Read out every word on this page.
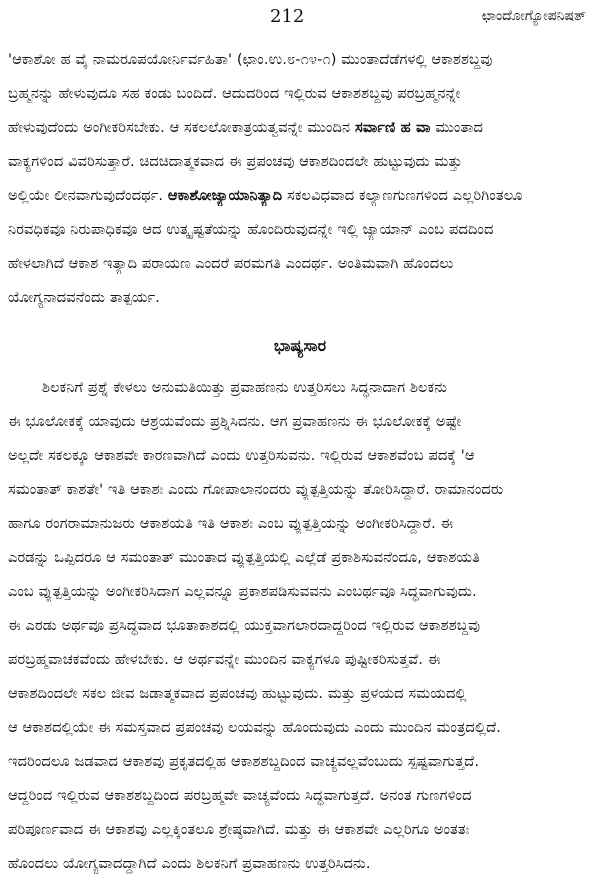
212	ಛಾಂದೋಗ್ಯೋಪನಿಷತ್
'ಆಕಾಶೋ ಹ ವೈ ನಾಮರೂಪಯೋರ್ನಿರ್ವಹಿತಾ' (ಛಾಂ.ಉ.೮-೧೪-೧) ಮುಂತಾದೆಡೆಗಳಲ್ಲಿ ಆಕಾಶಶಬ್ದವು
ಬ್ರಹ್ಮನನ್ನು ಹೇಳುವುದೂ ಸಹ ಕಂಡು ಬಂದಿದೆ. ಆದುದರಿಂದ ಇಲ್ಲಿರುವ ಆಕಾಶಶಬ್ದವು ಪರಬ್ರಹ್ಮನನ್ನೇ
ಹೇಳುವುದೆಂದು ಅಂಗೀಕರಿಸಬೇಕು. ಆ ಸಕಲಲೋಕಾತ್ರಯತ್ವವನ್ನೇ ಮುಂದಿನ ಸರ್ವಾಣಿ ಹ ವಾ ಮುಂತಾದ
ವಾಕ್ಯಗಳಿಂದ ವಿವರಿಸುತ್ತಾರೆ. ಚಿದಚಿದಾತ್ಮಕವಾದ ಈ ಪ್ರಪಂಚವು ಆಕಾಶದಿಂದಲೇ ಹುಟ್ಟುವುದು ಮತ್ತು
ಅಲ್ಲಿಯೇ ಲೀನವಾಗುವುದೆಂದರ್ಥ. ಆಕಾಶೋಜ್ಯಾಯಾನಿತ್ಯಾದಿ ಸಕಲವಿಧವಾದ ಕಲ್ಯಾಣಗುಣಗಳಿಂದ ಎಲ್ಲರಿಗಿಂತಲೂ
ನಿರವಧಿಕವೂ ನಿರುಪಾಧಿಕವೂ ಆದ ಉತ್ಕೃಷ್ಟತೆಯನ್ನು ಹೊಂದಿರುವುದನ್ನೇ ಇಲ್ಲಿ ಜ್ಯಾಯಾನ್ ಎಂಬ ಪದದಿಂದ
ಹೇಳಲಾಗಿದೆ ಆಕಾಶ ಇತ್ಯಾದಿ ಪರಾಯಣ ಎಂದರೆ ಪರಮಗತಿ ಎಂದರ್ಥ. ಅಂತಿಮವಾಗಿ ಹೊಂದಲು
ಯೋಗ್ಯನಾದವನೆಂದು ತಾತ್ಪರ್ಯ.
ಭಾಷ್ಯಸಾರ
ಶಿಲಕನಿಗೆ ಪ್ರಶ್ನೆ ಕೇಳಲು ಅನುಮತಿಯಿತ್ತು ಪ್ರವಾಹಣನು ಉತ್ತರಿಸಲು ಸಿದ್ಧನಾದಾಗ ಶಿಲಕನು
ಈ ಭೂಲೋಕಕ್ಕೆ ಯಾವುದು ಆಶ್ರಯವೆಂದು ಪ್ರಶ್ನಿಸಿದನು. ಆಗ ಪ್ರವಾಹಣನು ಈ ಭೂಲೋಕಕ್ಕೆ ಅಷ್ಟೇ
ಅಲ್ಲದೇ ಸಕಲಕ್ಕೂ ಆಕಾಶವೇ ಕಾರಣವಾಗಿದೆ ಎಂದು ಉತ್ತರಿಸುವನು. ಇಲ್ಲಿರುವ ಆಕಾಶವೆಂಬ ಪದಕ್ಕೆ 'ಆ
ಸಮಂತಾತ್ ಕಾಶತೇ' ಇತಿ ಆಕಾಶಃ ಎಂದು ಗೋಪಾಲಾನಂದರು ವ್ಯುತ್ಪತ್ತಿಯನ್ನು ತೋರಿಸಿದ್ದಾರೆ. ರಾಮಾನಂದರು
ಹಾಗೂ ರಂಗರಾಮಾನುಜರು ಆಕಾಶಯತಿ ಇತಿ ಆಕಾಶಃ ಎಂಬ ವ್ಯುತ್ಪತ್ತಿಯನ್ನು ಅಂಗೀಕರಿಸಿದ್ದಾರೆ. ಈ
ಎರಡನ್ನು ಒಪ್ಪಿದರೂ ಆ ಸಮಂತಾತ್ ಮುಂತಾದ ವ್ಯುತ್ಪತ್ತಿಯಲ್ಲಿ ಎಲ್ಲೆಡೆ ಪ್ರಕಾಶಿಸುವನೆಂದೂ, ಆಕಾಶಯತಿ
ಎಂಬ ವ್ಯುತ್ಪತ್ತಿಯನ್ನು ಅಂಗೀಕರಿಸಿದಾಗ ಎಲ್ಲವನ್ನೂ ಪ್ರಕಾಶಪಡಿಸುವವನು ಎಂಬರ್ಥವೂ ಸಿದ್ಧವಾಗುವುದು.
ಈ ಎರಡು ಅರ್ಥವೂ ಪ್ರಸಿದ್ಧವಾದ ಭೂತಾಕಾಶದಲ್ಲಿ ಯುಕ್ತವಾಗಲಾರದಾದ್ದರಿಂದ ಇಲ್ಲಿರುವ ಆಕಾಶಶಬ್ದವು
ಪರಬ್ರಹ್ಮವಾಚಕವೆಂದು ಹೇಳಬೇಕು. ಆ ಅರ್ಥವನ್ನೇ ಮುಂದಿನ ವಾಕ್ಯಗಳೂ ಪುಷ್ಟೀಕರಿಸುತ್ತವೆ. ಈ
ಆಕಾಶದಿಂದಲೇ ಸಕಲ ಜೀವ ಜಡಾತ್ಮಕವಾದ ಪ್ರಪಂಚವು ಹುಟ್ಟುವುದು. ಮತ್ತು ಪ್ರಳಯದ ಸಮಯದಲ್ಲಿ
ಆ ಆಕಾಶದಲ್ಲಿಯೇ ಈ ಸಮಸ್ತವಾದ ಪ್ರಪಂಚವು ಲಯವನ್ನು ಹೊಂದುವುದು ಎಂದು ಮುಂದಿನ ಮಂತ್ರದಲ್ಲಿದೆ.
ಇದರಿಂದಲೂ ಜಡವಾದ ಆಕಾಶವು ಪ್ರಕೃತದಲ್ಲಿಹ ಆಕಾಶಶಬ್ದದಿಂದ ವಾಚ್ಯವಲ್ಲವೆಂಬುದು ಸ್ಪಷ್ಟವಾಗುತ್ತದೆ.
ಆದ್ದರಿಂದ ಇಲ್ಲಿರುವ ಆಕಾಶಶಬ್ದದಿಂದ ಪರಬ್ರಹ್ಮವೇ ವಾಚ್ಯವೆಂದು ಸಿದ್ಧವಾಗುತ್ತದೆ. ಅನಂತ ಗುಣಗಳಿಂದ
ಪರಿಪೂರ್ಣವಾದ ಈ ಆಕಾಶವು ಎಲ್ಲಕ್ಕಿಂತಲೂ ಶ್ರೇಷ್ಠವಾಗಿದೆ. ಮತ್ತು ಈ ಆಕಾಶವೇ ಎಲ್ಲರಿಗೂ ಅಂತತಃ
ಹೊಂದಲು ಯೋಗ್ಯವಾದದ್ದಾಗಿದೆ ಎಂದು ಶಿಲಕನಿಗೆ ಪ್ರವಾಹಣನು ಉತ್ತರಿಸಿದನು.
